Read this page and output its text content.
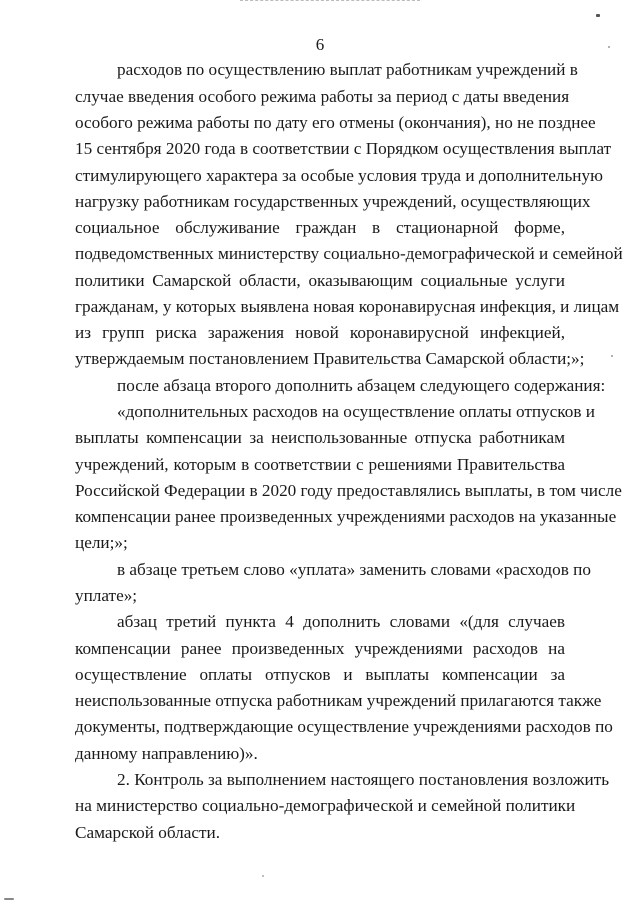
6
расходов по осуществлению выплат работникам учреждений в
случае введения особого режима работы за период с даты введения
особого режима работы по дату его отмены (окончания), но не позднее
15 сентября 2020 года в соответствии с Порядком осуществления выплат
стимулирующего характера за особые условия труда и дополнительную
нагрузку работникам государственных учреждений, осуществляющих
социальное обслуживание граждан в стационарной форме,
подведомственных министерству социально-демографической и семейной
политики Самарской области, оказывающим социальные услуги
гражданам, у которых выявлена новая коронавирусная инфекция, и лицам
из групп риска заражения новой коронавирусной инфекцией,
утверждаемым постановлением Правительства Самарской области;»;
после абзаца второго дополнить абзацем следующего содержания:
«дополнительных расходов на осуществление оплаты отпусков и
выплаты компенсации за неиспользованные отпуска работникам
учреждений, которым в соответствии с решениями Правительства
Российской Федерации в 2020 году предоставлялись выплаты, в том числе
компенсации ранее произведенных учреждениями расходов на указанные
цели;»;
в абзаце третьем слово «уплата» заменить словами «расходов по
уплате»;
абзац третий пункта 4 дополнить словами «(для случаев
компенсации ранее произведенных учреждениями расходов на
осуществление оплаты отпусков и выплаты компенсации за
неиспользованные отпуска работникам учреждений прилагаются также
документы, подтверждающие осуществление учреждениями расходов по
данному направлению)».
2. Контроль за выполнением настоящего постановления возложить
на министерство социально-демографической и семейной политики
Самарской области.
